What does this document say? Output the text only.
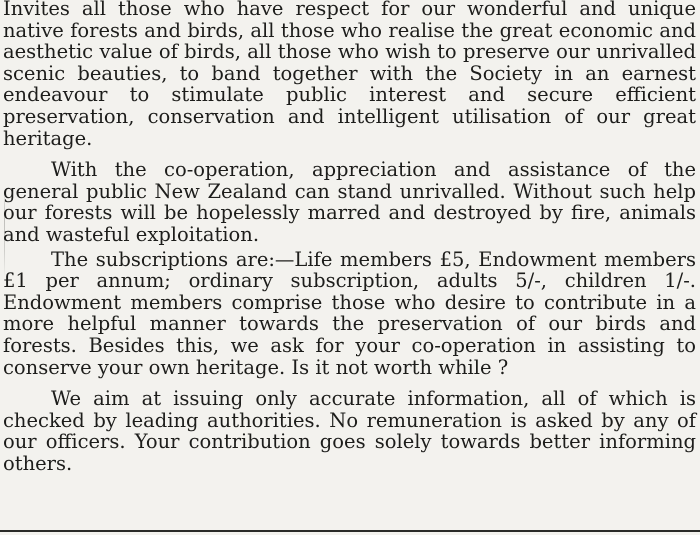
Invites all those who have respect for our wonderful and unique native forests and birds, all those who realise the great economic and aesthetic value of birds, all those who wish to preserve our unrivalled scenic beauties, to band together with the Society in an earnest endeavour to stimulate public interest and secure efficient preservation, conservation and intelligent utilisation of our great heritage.

With the co-operation, appreciation and assistance of the general public New Zealand can stand unrivalled. Without such help our forests will be hopelessly marred and destroyed by fire, animals and wasteful exploitation.

The subscriptions are:—Life members £5, Endowment members £1 per annum; ordinary subscription, adults 5/-, children 1/-. Endowment members comprise those who desire to contribute in a more helpful manner towards the preservation of our birds and forests. Besides this, we ask for your co-operation in assisting to conserve your own heritage. Is it not worth while ?

We aim at issuing only accurate information, all of which is checked by leading authorities. No remuneration is asked by any of our officers. Your contribution goes solely towards better informing others.
